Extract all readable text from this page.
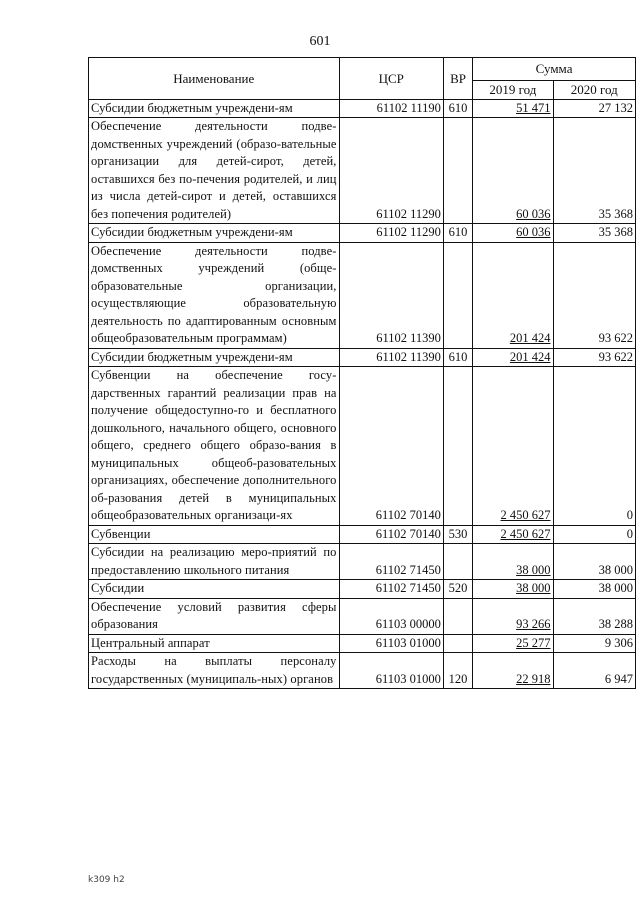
601
Наименование	ЦСР	ВР	Сумма	
			2019 год	2020 год
Субсидии бюджетным учреждени-ям	61102 11190	610	51 471	27 132
Обеспечение деятельности подве-домственных учреждений (образо-вательные организации для детей-сирот, детей, оставшихся без по-печения родителей, и лиц из числа детей-сирот и детей, оставшихся без попечения родителей)	61102 11290		60 036	35 368
Субсидии бюджетным учреждени-ям	61102 11290	610	60 036	35 368
Обеспечение деятельности подве-домственных учреждений (обще-образовательные организации, осуществляющие образовательную деятельность по адаптированным основным общеобразовательным программам)	61102 11390		201 424	93 622
Субсидии бюджетным учреждени-ям	61102 11390	610	201 424	93 622
Субвенции на обеспечение госу-дарственных гарантий реализации прав на получение общедоступно-го и бесплатного дошкольного, начального общего, основного общего, среднего общего образо-вания в муниципальных общеоб-разовательных организациях, обеспечение дополнительного об-разования детей в муниципальных общеобразовательных организаци-ях	61102 70140		2 450 627	0
Субвенции	61102 70140	530	2 450 627	0
Субсидии на реализацию меро-приятий по предоставлению школьного питания	61102 71450		38 000	38 000
Субсидии	61102 71450	520	38 000	38 000
Обеспечение условий развития сферы образования	61103 00000		93 266	38 288
Центральный аппарат	61103 01000		25 277	9 306
Расходы на выплаты персоналу государственных (муниципаль-ных) органов	61103 01000	120	22 918	6 947
k309 h2
